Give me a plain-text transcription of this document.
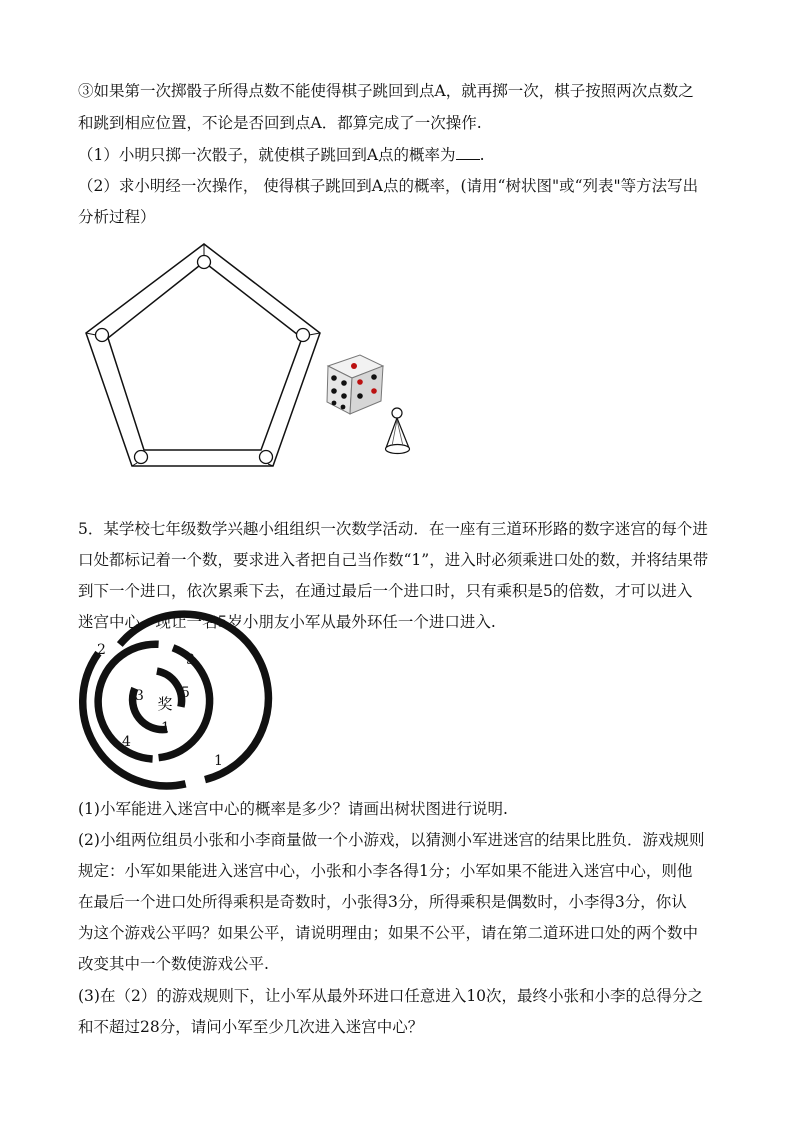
③如果第一次掷骰子所得点数不能使得棋子跳回到点A，就再掷一次，棋子按照两次点数之
和跳到相应位置，不论是否回到点A．都算完成了一次操作.
（1）小明只掷一次骰子，就使棋子跳回到A点的概率为 .
（2）求小明经一次操作， 使得棋子跳回到A点的概率，(请用“树状图"或“列表"等方法写出
分析过程）
5．某学校七年级数学兴趣小组组织一次数学活动．在一座有三道环形路的数字迷宫的每个进
口处都标记着一个数，要求进入者把自己当作数“1”，进入时必须乘进口处的数，并将结果带
到下一个进口，依次累乘下去，在通过最后一个进口时，只有乘积是5的倍数，才可以进入
迷宫中心，现让一名5岁小朋友小军从最外环任一个进口进入.
奖
2
1
3
4
3	5
1
(1)小军能进入迷宫中心的概率是多少？请画出树状图进行说明.
(2)小组两位组员小张和小李商量做一个小游戏，以猜测小军进迷宫的结果比胜负．游戏规则
规定：小军如果能进入迷宫中心，小张和小李各得1分；小军如果不能进入迷宫中心，则他
在最后一个进口处所得乘积是奇数时，小张得3分，所得乘积是偶数时，小李得3分，你认
为这个游戏公平吗？如果公平，请说明理由；如果不公平，请在第二道环进口处的两个数中
改变其中一个数使游戏公平.
(3)在（2）的游戏规则下，让小军从最外环进口任意进入10次，最终小张和小李的总得分之
和不超过28分，请问小军至少几次进入迷宫中心？
